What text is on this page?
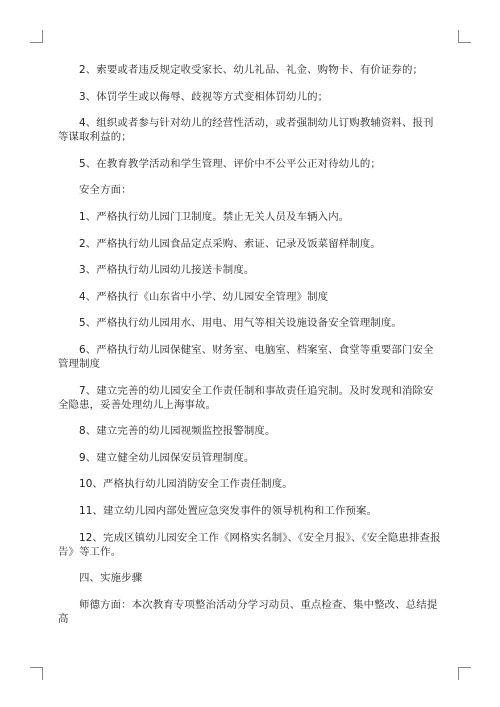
2、索要或者违反规定收受家长、幼儿礼品、礼金、购物卡、有价证券的；

3、体罚学生或以侮辱、歧视等方式变相体罚幼儿的；

4、组织或者参与针对幼儿的经营性活动，或者强制幼儿订购教辅资料、报刊等谋取利益的；

5、在教育教学活动和学生管理、评价中不公平公正对待幼儿的；

安全方面：

1、严格执行幼儿园门卫制度。禁止无关人员及车辆入内。

2、严格执行幼儿园食品定点采购、索证、记录及饭菜留样制度。

3、严格执行幼儿园幼儿接送卡制度。

4、严格执行《山东省中小学、幼儿园安全管理》制度

5、严格执行幼儿园用水、用电、用气等相关设施设备安全管理制度。

6、严格执行幼儿园保健室、财务室、电脑室、档案室、食堂等重要部门安全管理制度

7、建立完善的幼儿园安全工作责任制和事故责任追究制。及时发现和消除安全隐患，妥善处理幼儿上海事故。

8、建立完善的幼儿园视频监控报警制度。

9、建立健全幼儿园保安员管理制度。

10、严格执行幼儿园消防安全工作责任制度。

11、建立幼儿园内部处置应急突发事件的领导机构和工作预案。

12、完成区镇幼儿园安全工作《网格实名制》、《安全月报》、《安全隐患排查报告》等工作。

四、实施步骤

师德方面：本次教育专项整治活动分学习动员、重点检查、集中整改、总结提高
